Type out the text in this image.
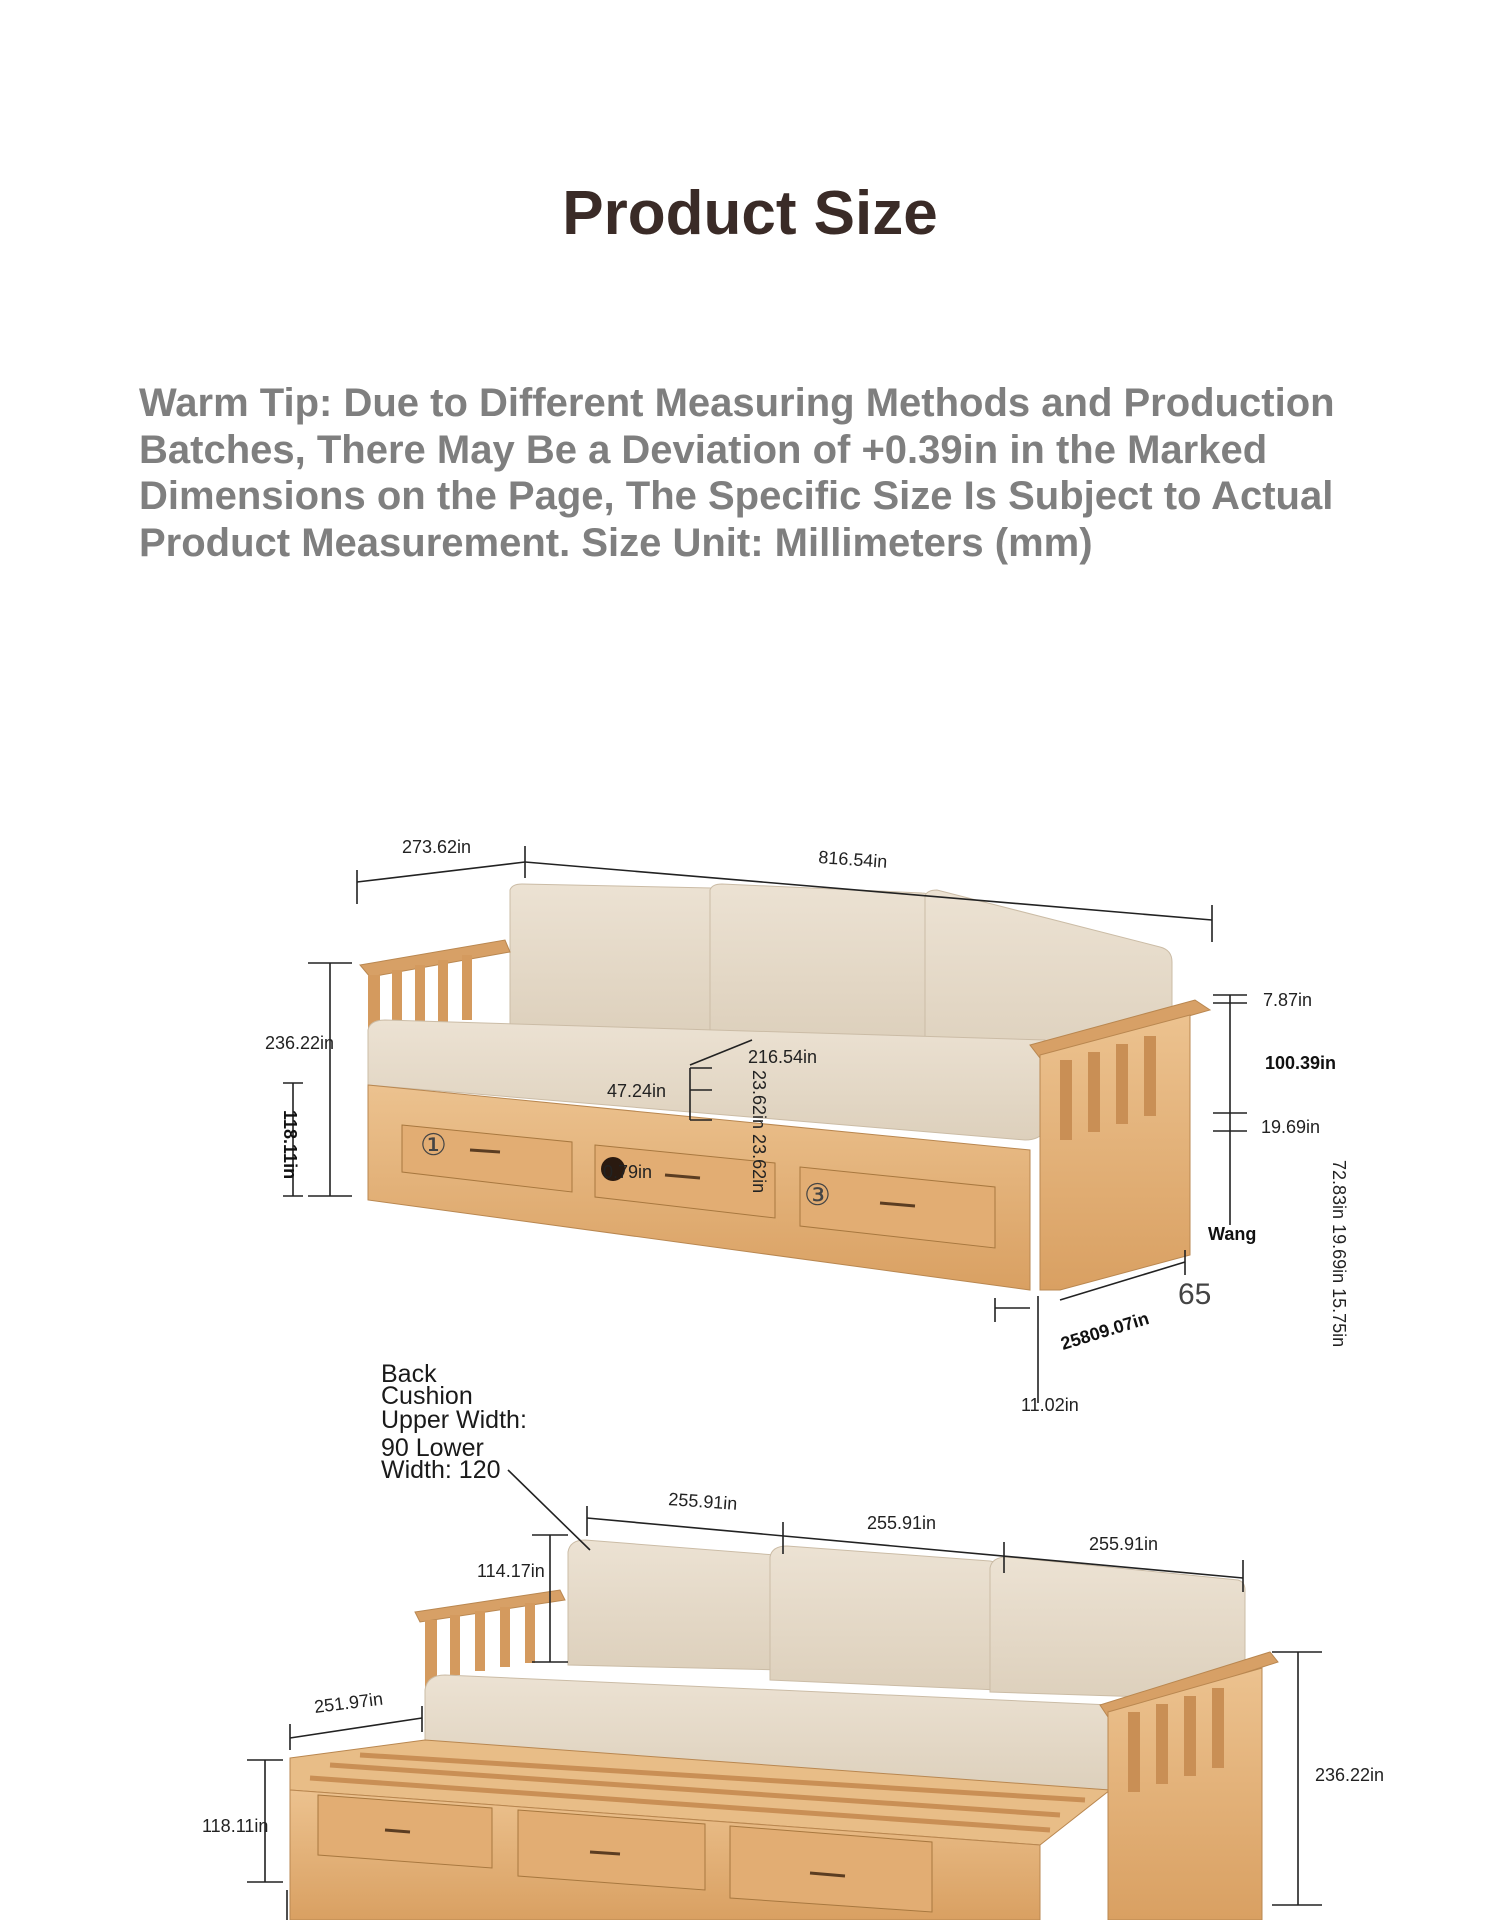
Product Size
Warm Tip: Due to Different Measuring Methods and Production Batches, There May Be a Deviation of +0.39in in the Marked Dimensions on the Page, The Specific Size Is Subject to Actual Product Measurement. Size Unit: Millimeters (mm)
273.62in
816.54in
236.22in
118.11in
7.87in
100.39in
19.69in
72.83in 19.69in 15.75in
216.54in
47.24in	23.62in 23.62in
0.79in
Wang
65
25809.07in
11.02in
①
③
Back Cushion Upper Width: 90 Lower Width: 120
255.91in
255.91in
255.91in
114.17in
251.97in
118.11in
236.22in
